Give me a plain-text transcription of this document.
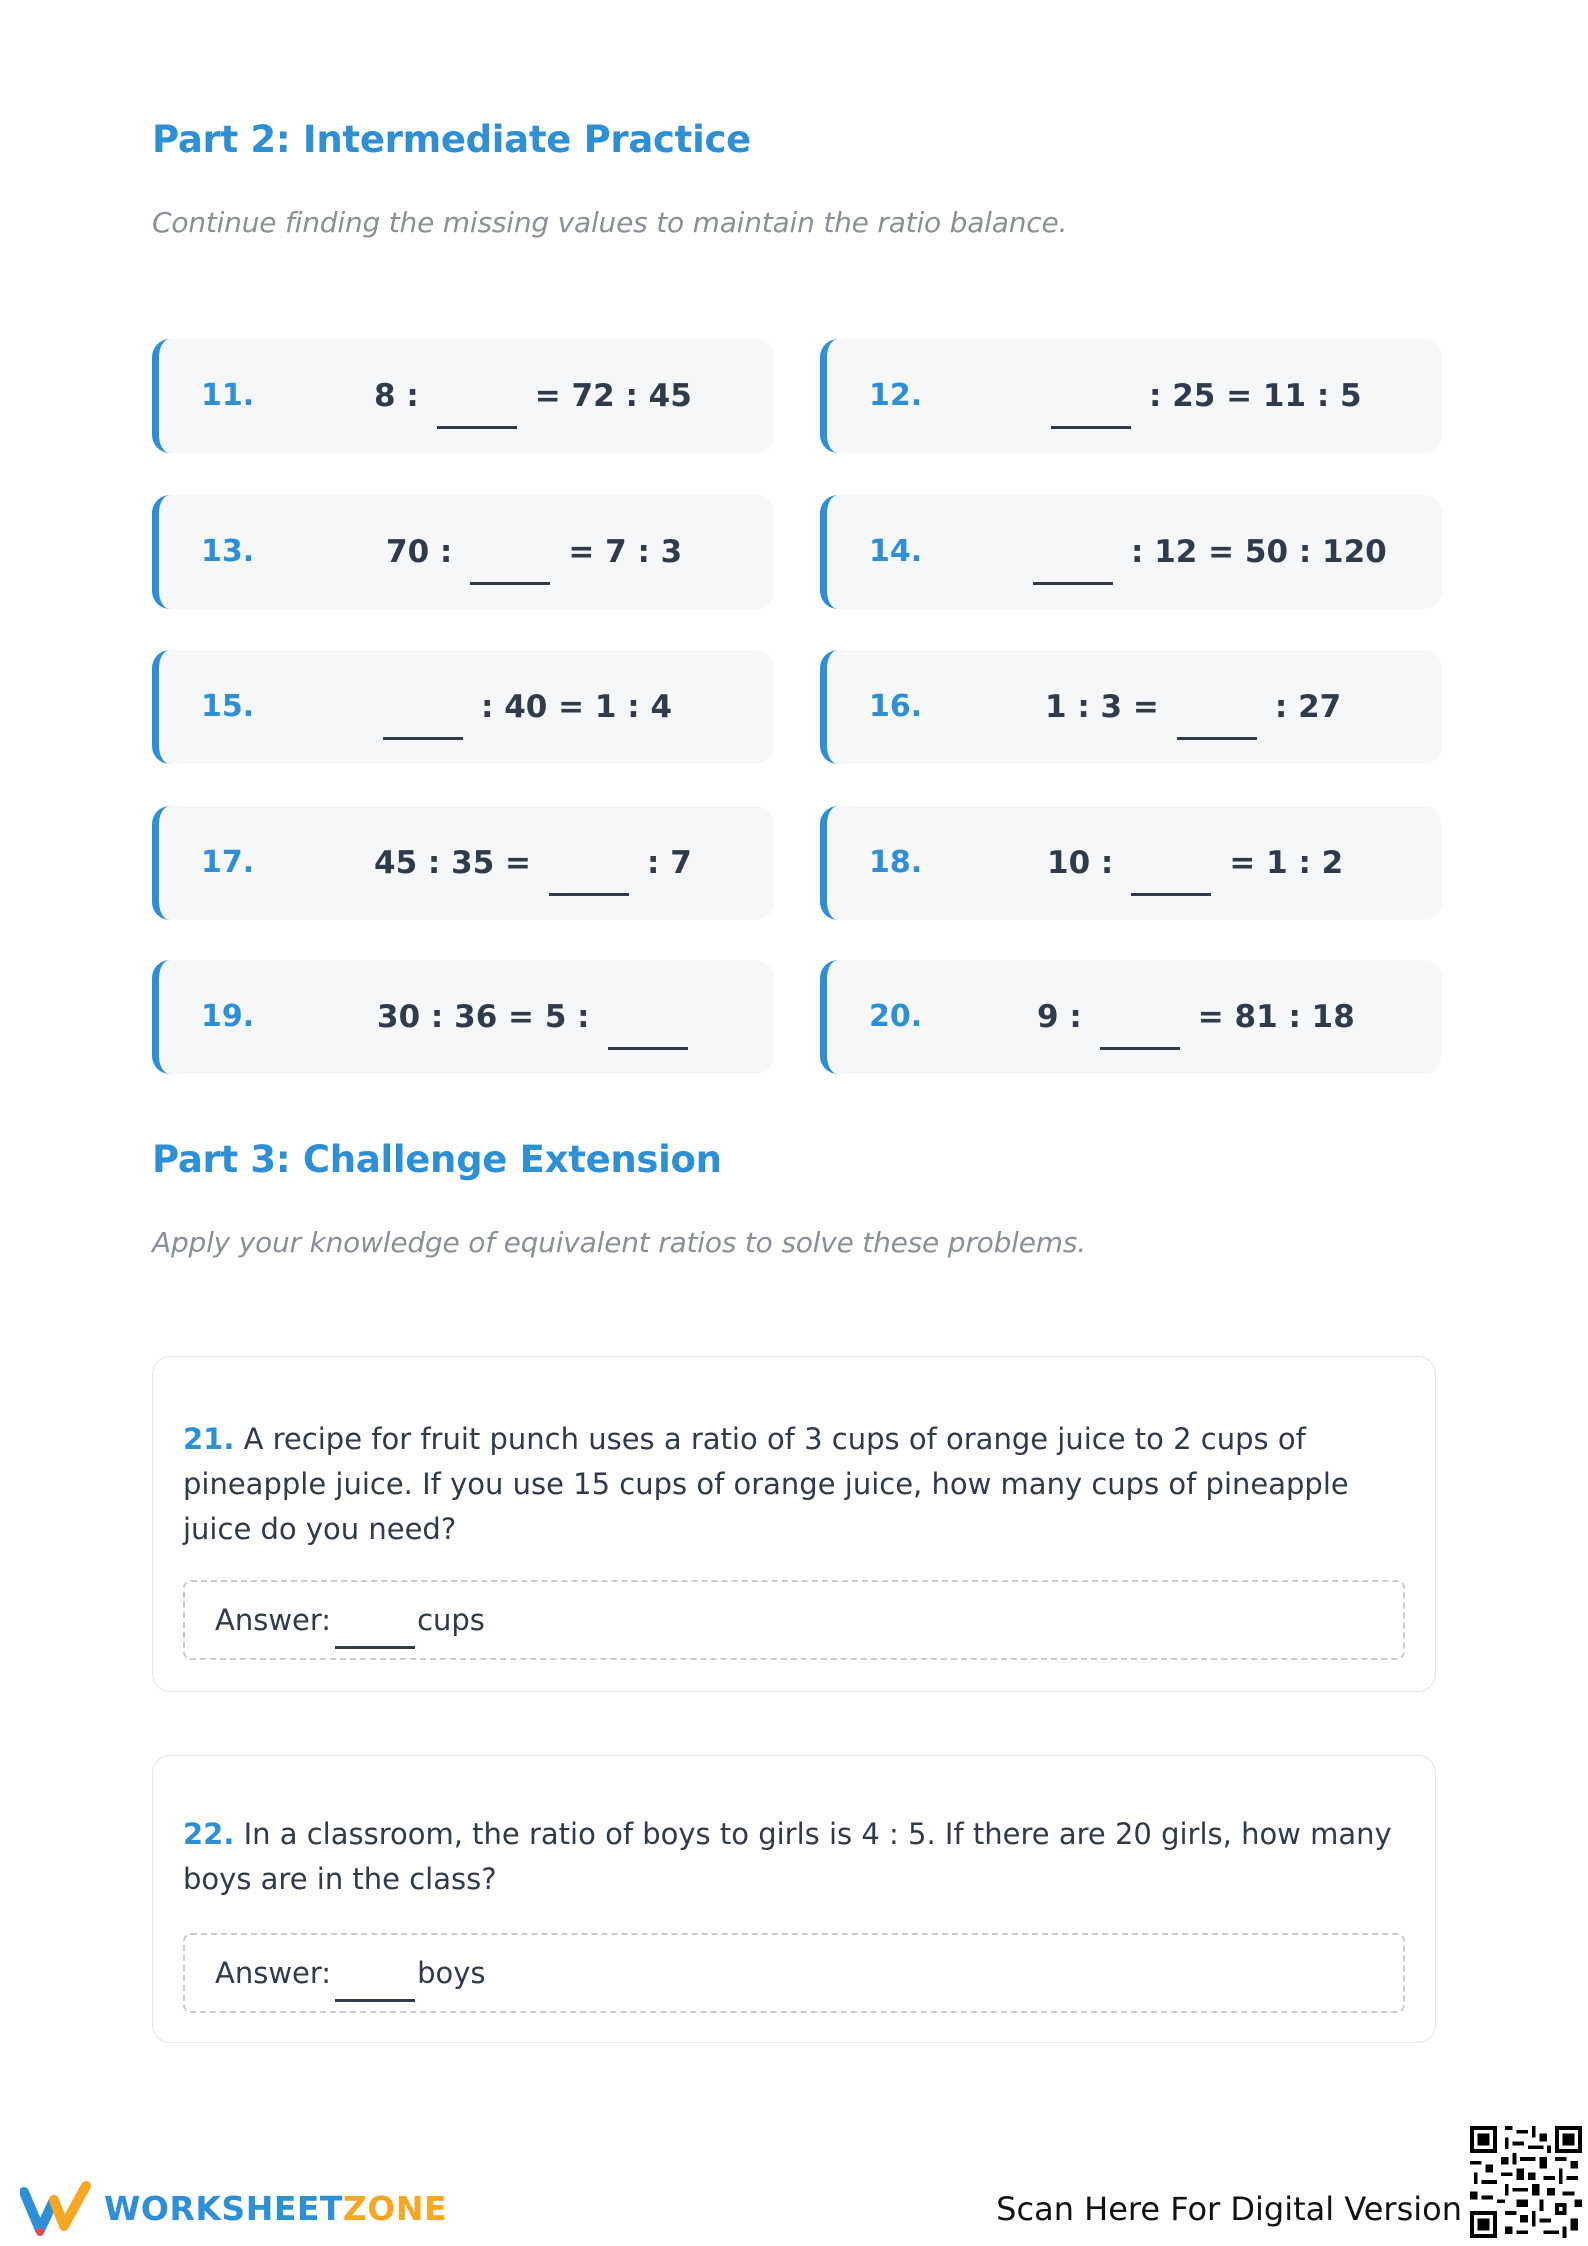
Part 2: Intermediate Practice

Continue finding the missing values to maintain the ratio balance.

11.	8 :	= 72 : 45	12.	: 25 = 11 : 5
13.	70 :	= 7 : 3	14.	: 12 = 50 : 120
15.	: 40 = 1 : 4	16.	1 : 3 =	: 27
17.	45 : 35 =	: 7	18.	10 :	= 1 : 2
19.	30 : 36 = 5 :	20.	9 :	= 81 : 18
Part 3: Challenge Extension

Apply your knowledge of equivalent ratios to solve these problems.

21. A recipe for fruit punch uses a ratio of 3 cups of orange juice to 2 cups of pineapple juice. If you use 15 cups of orange juice, how many cups of pineapple juice do you need?

Answer:	cups

22. In a classroom, the ratio of boys to girls is 4 : 5. If there are 20 girls, how many boys are in the class?

Answer:	boys
WORKSHEETZONE	Scan Here For Digital Version
